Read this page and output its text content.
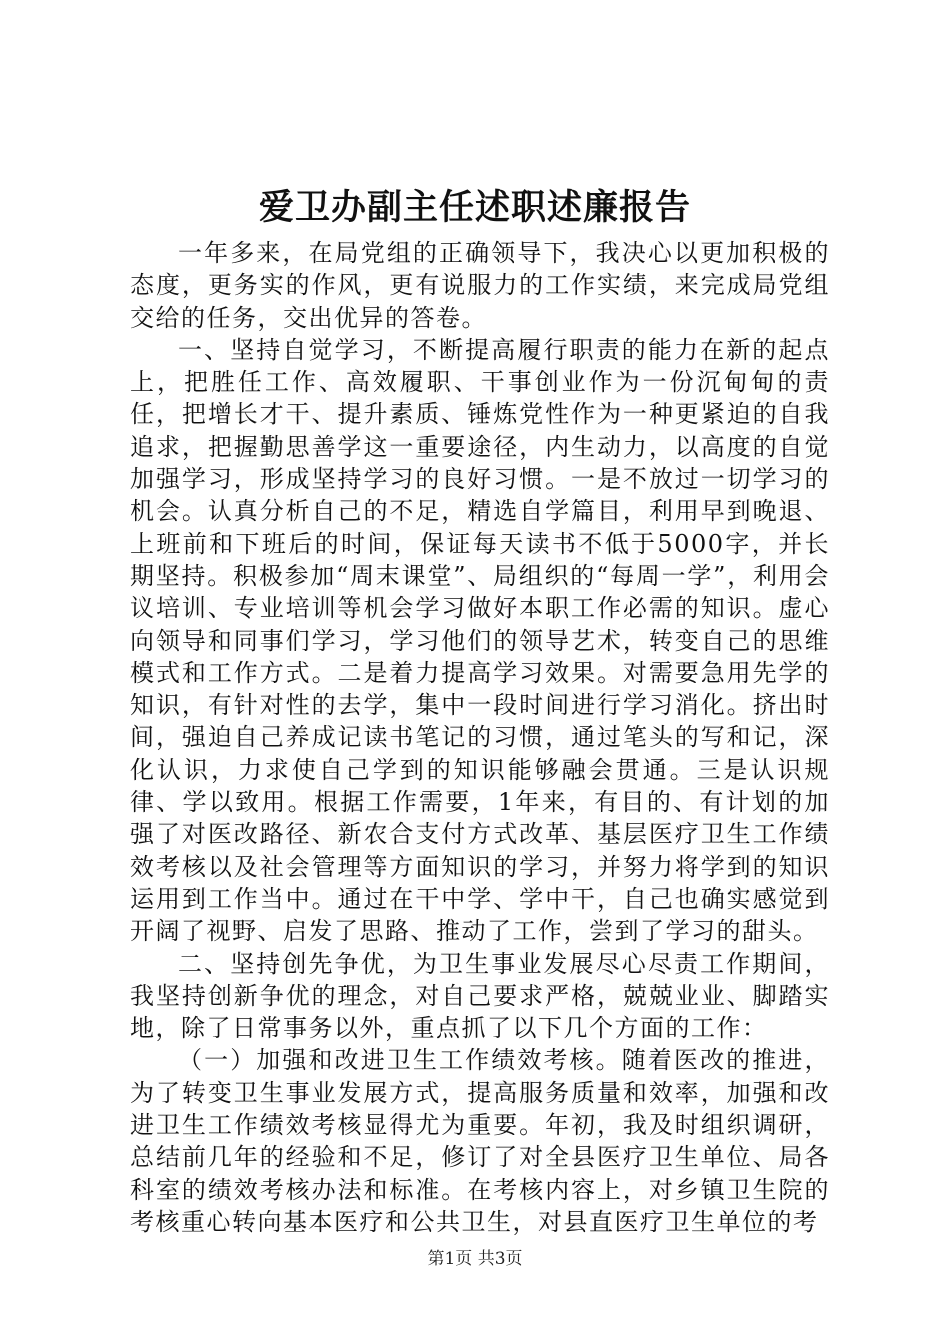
爱卫办副主任述职述廉报告

一年多来，在局党组的正确领导下，我决心以更加积极的态度，更务实的作风，更有说服力的工作实绩，来完成局党组交给的任务，交出优异的答卷。

一、坚持自觉学习，不断提高履行职责的能力在新的起点上，把胜任工作、高效履职、干事创业作为一份沉甸甸的责任，把增长才干、提升素质、锤炼党性作为一种更紧迫的自我追求，把握勤思善学这一重要途径，内生动力，以高度的自觉加强学习，形成坚持学习的良好习惯。一是不放过一切学习的机会。认真分析自己的不足，精选自学篇目，利用早到晚退、上班前和下班后的时间，保证每天读书不低于5000字，并长期坚持。积极参加“周末课堂”、局组织的“每周一学”，利用会议培训、专业培训等机会学习做好本职工作必需的知识。虚心向领导和同事们学习，学习他们的领导艺术，转变自己的思维模式和工作方式。二是着力提高学习效果。对需要急用先学的知识，有针对性的去学，集中一段时间进行学习消化。挤出时间，强迫自己养成记读书笔记的习惯，通过笔头的写和记，深化认识，力求使自己学到的知识能够融会贯通。三是认识规律、学以致用。根据工作需要，1年来，有目的、有计划的加强了对医改路径、新农合支付方式改革、基层医疗卫生工作绩效考核以及社会管理等方面知识的学习，并努力将学到的知识运用到工作当中。通过在干中学、学中干，自己也确实感觉到开阔了视野、启发了思路、推动了工作，尝到了学习的甜头。

二、坚持创先争优，为卫生事业发展尽心尽责工作期间，我坚持创新争优的理念，对自己要求严格，兢兢业业、脚踏实地，除了日常事务以外，重点抓了以下几个方面的工作：

（一）加强和改进卫生工作绩效考核。随着医改的推进，为了转变卫生事业发展方式，提高服务质量和效率，加强和改进卫生工作绩效考核显得尤为重要。年初，我及时组织调研，总结前几年的经验和不足，修订了对全县医疗卫生单位、局各科室的绩效考核办法和标准。在考核内容上，对乡镇卫生院的考核重心转向基本医疗和公共卫生，对县直医疗卫生单位的考

第1页 共3页
